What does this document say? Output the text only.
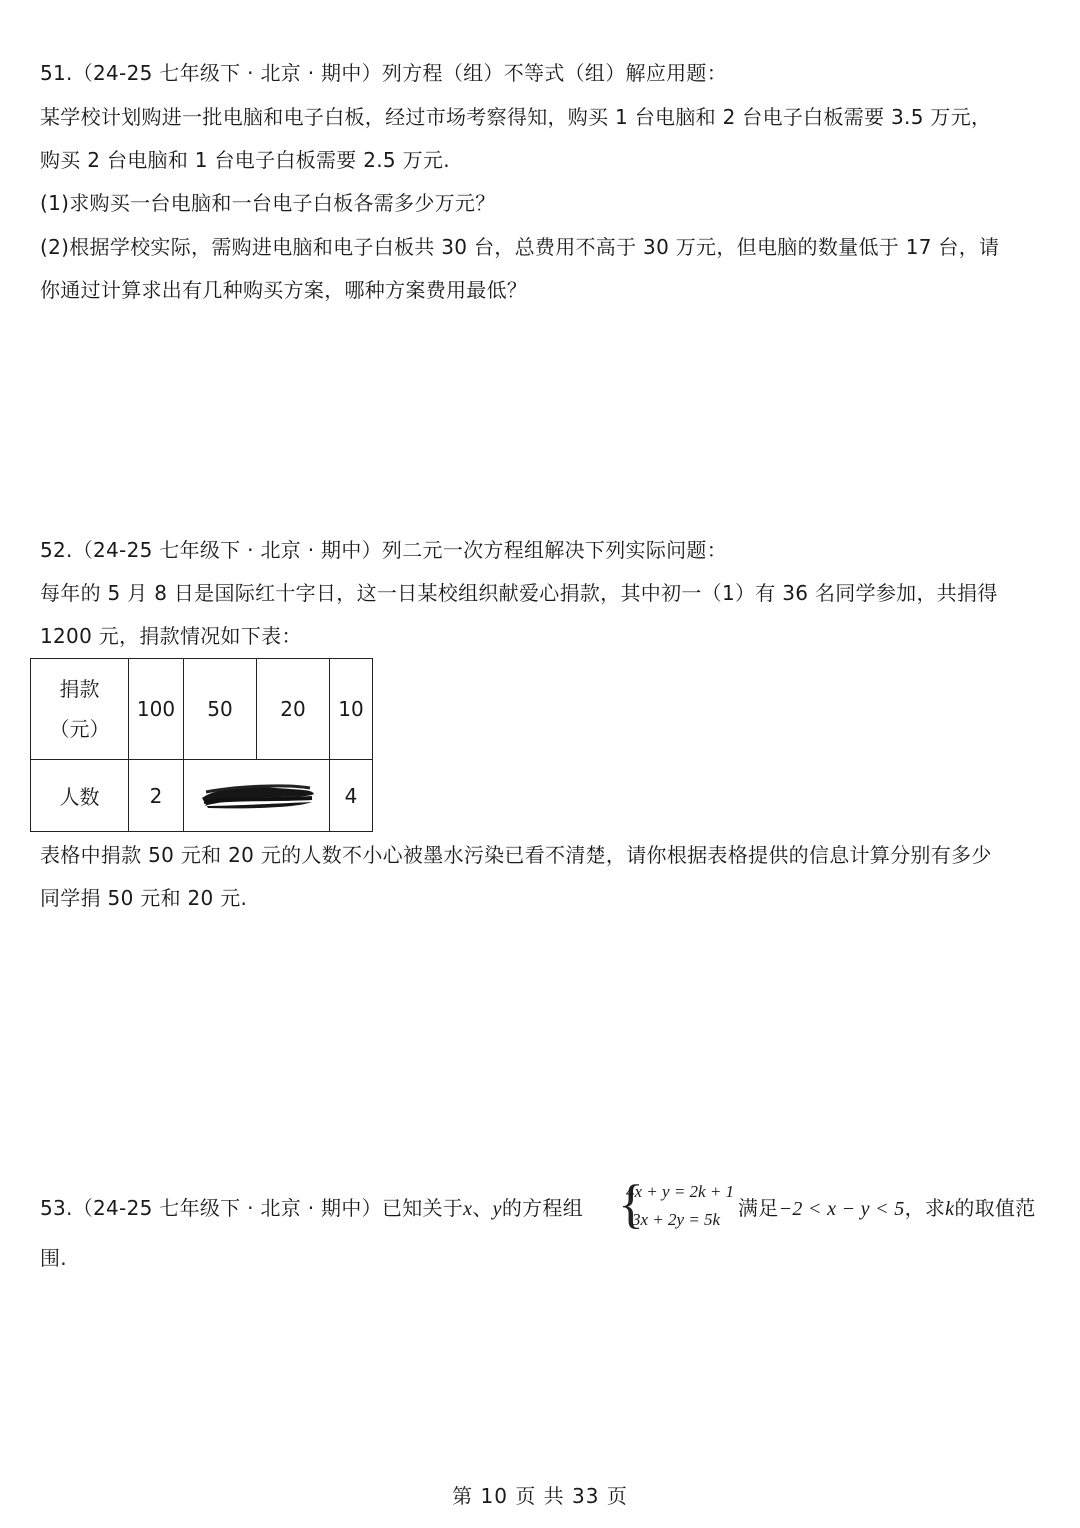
51.（24-25 七年级下 · 北京 · 期中）列方程（组）不等式（组）解应用题：
某学校计划购进一批电脑和电子白板，经过市场考察得知，购买 1 台电脑和 2 台电子白板需要 3.5 万元，
购买 2 台电脑和 1 台电子白板需要 2.5 万元.
(1)求购买一台电脑和一台电子白板各需多少万元？
(2)根据学校实际，需购进电脑和电子白板共 30 台，总费用不高于 30 万元，但电脑的数量低于 17 台，请
你通过计算求出有几种购买方案，哪种方案费用最低？
52.（24-25 七年级下 · 北京 · 期中）列二元一次方程组解决下列实际问题：
每年的 5 月 8 日是国际红十字日，这一日某校组织献爱心捐款，其中初一（1）有 36 名同学参加，共捐得
1200 元，捐款情况如下表：
捐款
（元）	100	50	20	10
人数	2			4
表格中捐款 50 元和 20 元的人数不小心被墨水污染已看不清楚，请你根据表格提供的信息计算分别有多少
同学捐 50 元和 20 元.
53.（24-25 七年级下 · 北京 · 期中）已知关于x、y的方程组 {
4x + y = 2k + 1
3x + 2y = 5k 满足−2 < x − y < 5，求k的取值范
围.
第 10 页 共 33 页
